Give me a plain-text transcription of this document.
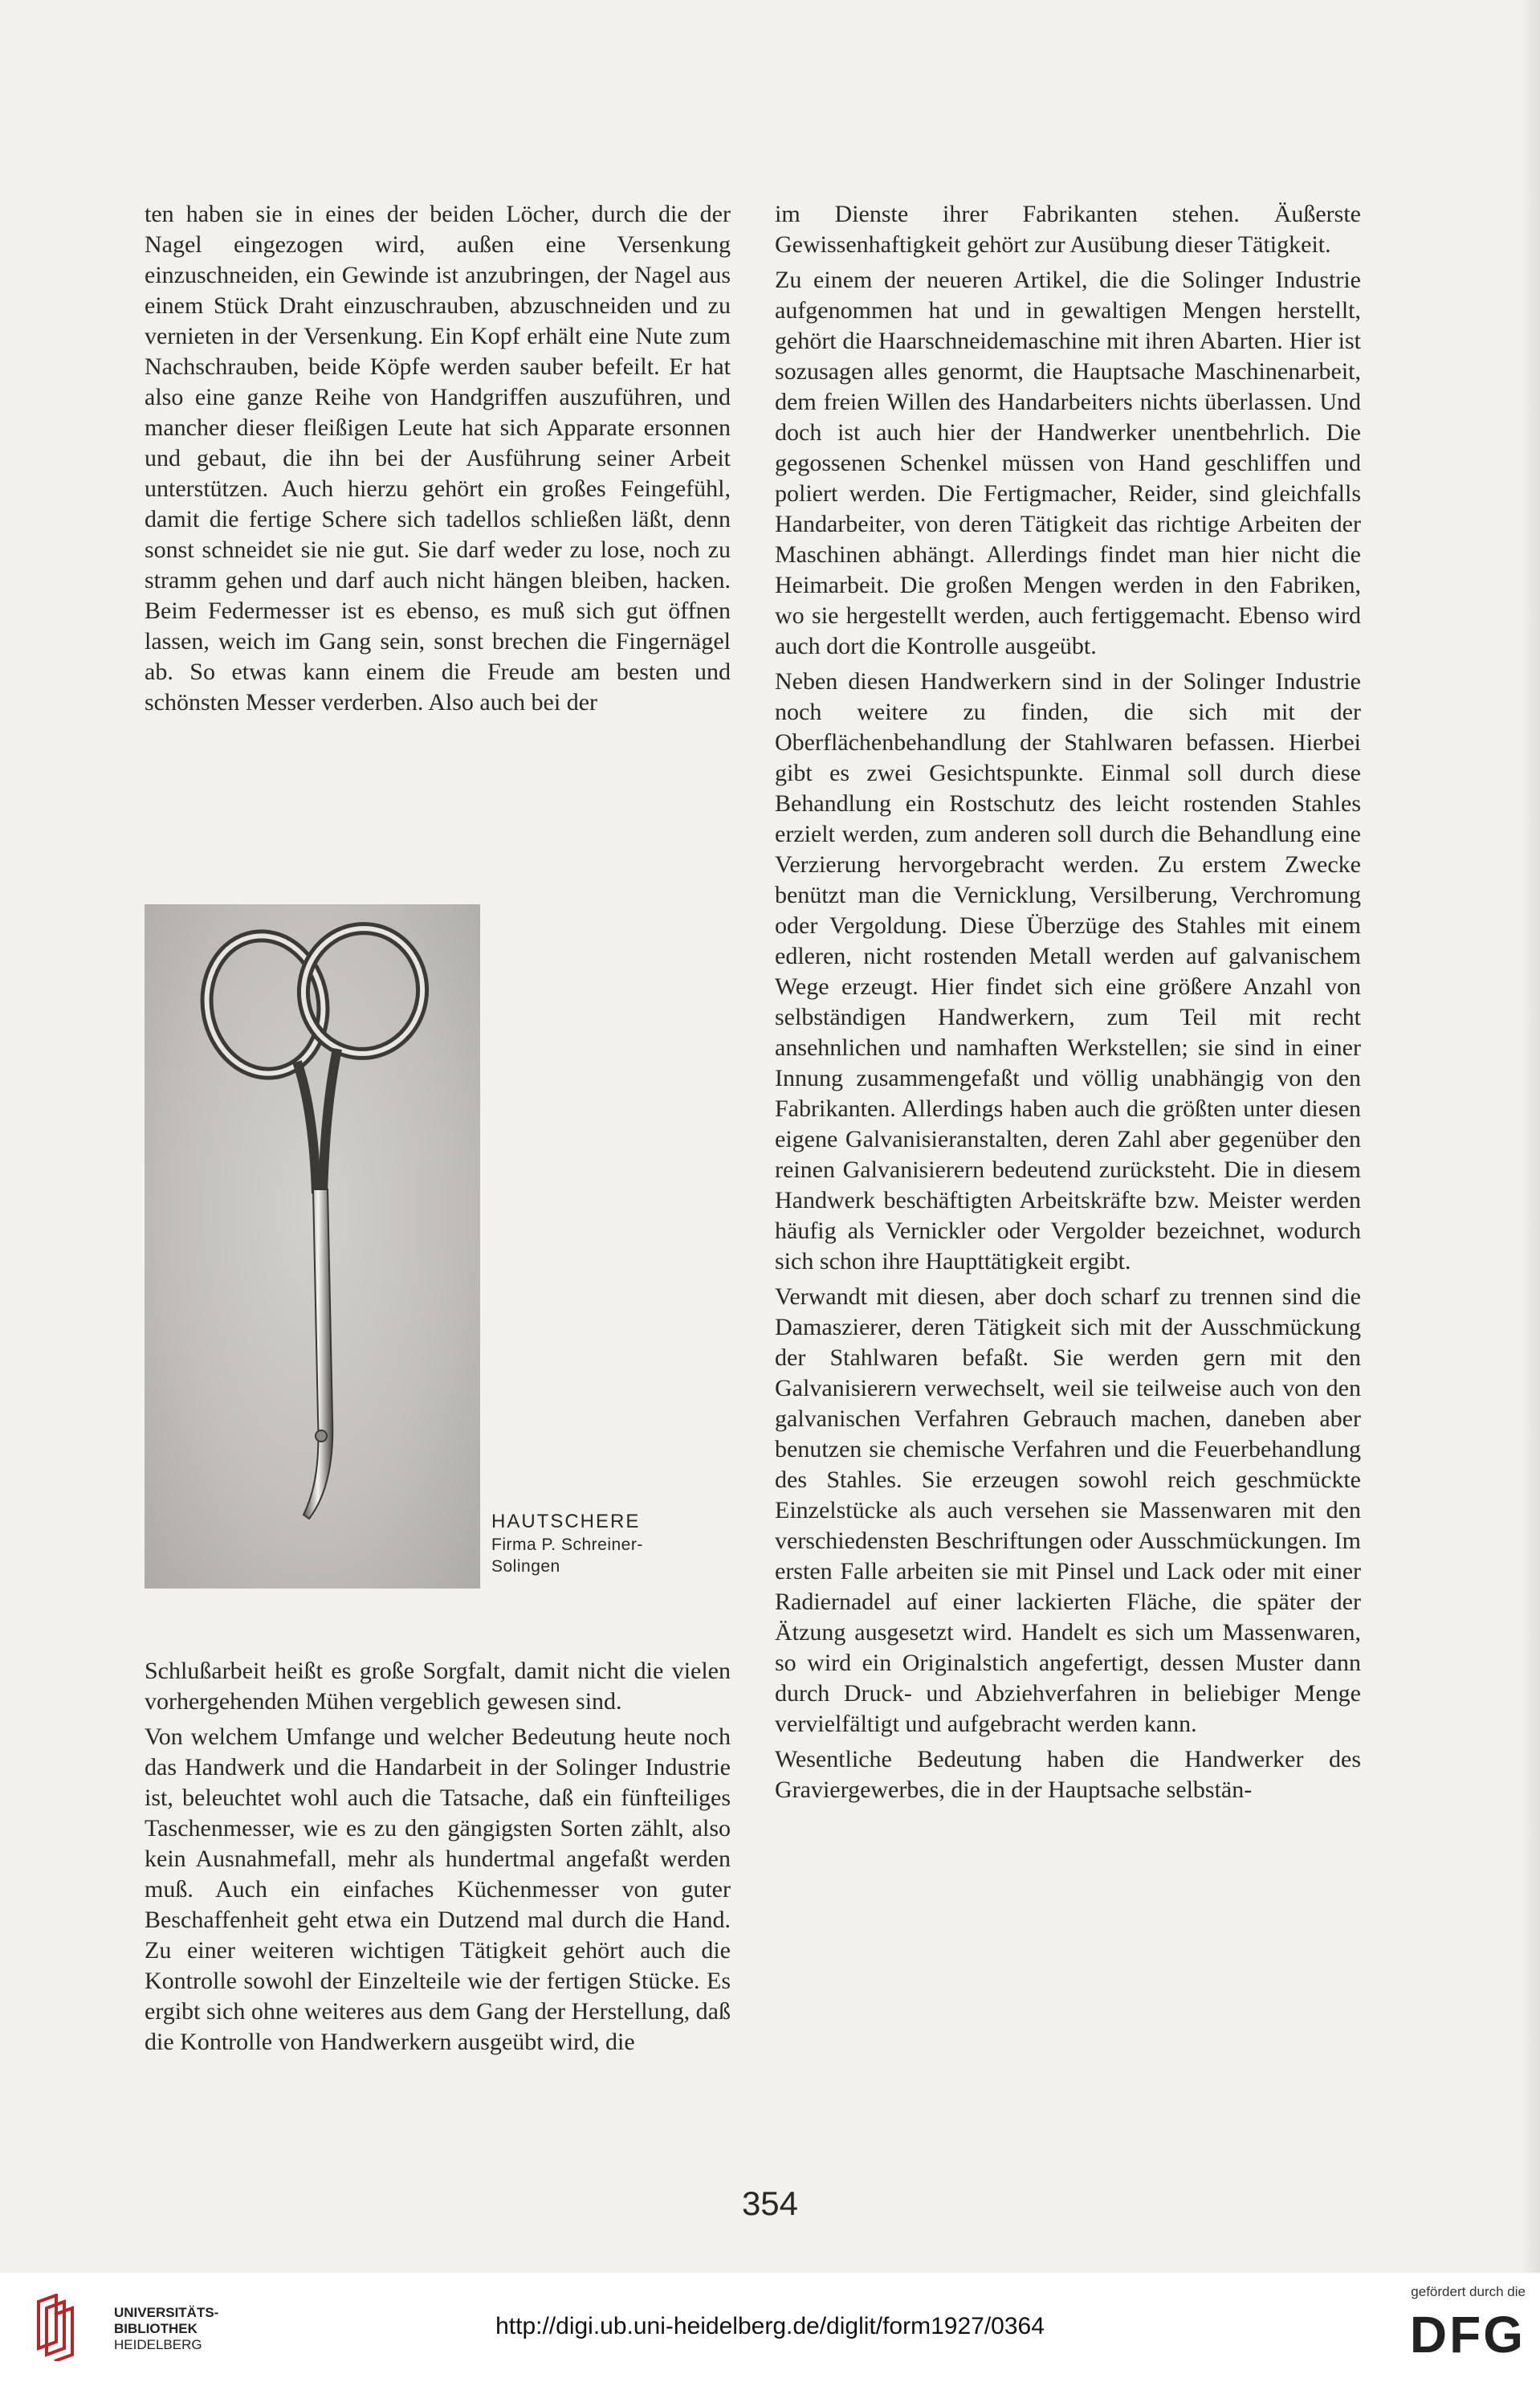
ten haben sie in eines der beiden Löcher, durch die der Nagel eingezogen wird, außen eine Versenkung einzuschneiden, ein Gewinde ist anzubringen, der Nagel aus einem Stück Draht einzuschrauben, abzuschneiden und zu vernieten in der Versenkung. Ein Kopf erhält eine Nute zum Nachschrauben, beide Köpfe werden sauber befeilt. Er hat also eine ganze Reihe von Handgriffen auszuführen, und mancher dieser fleißigen Leute hat sich Apparate ersonnen und gebaut, die ihn bei der Ausführung seiner Arbeit unterstützen. Auch hierzu gehört ein großes Feingefühl, damit die fertige Schere sich tadellos schließen läßt, denn sonst schneidet sie nie gut. Sie darf weder zu lose, noch zu stramm gehen und darf auch nicht hängen bleiben, hacken. Beim Federmesser ist es ebenso, es muß sich gut öffnen lassen, weich im Gang sein, sonst brechen die Fingernägel ab. So etwas kann einem die Freude am besten und schönsten Messer verderben. Also auch bei der

HAUTSCHERE
Firma P. Schreiner-
Solingen

Schlußarbeit heißt es große Sorgfalt, damit nicht die vielen vorhergehenden Mühen vergeblich gewesen sind.

Von welchem Umfange und welcher Bedeutung heute noch das Handwerk und die Handarbeit in der Solinger Industrie ist, beleuchtet wohl auch die Tatsache, daß ein fünfteiliges Taschenmesser, wie es zu den gängigsten Sorten zählt, also kein Ausnahmefall, mehr als hundertmal angefaßt werden muß. Auch ein einfaches Küchenmesser von guter Beschaffenheit geht etwa ein Dutzend mal durch die Hand. Zu einer weiteren wichtigen Tätigkeit gehört auch die Kontrolle sowohl der Einzelteile wie der fertigen Stücke. Es ergibt sich ohne weiteres aus dem Gang der Herstellung, daß die Kontrolle von Handwerkern ausgeübt wird, die

im Dienste ihrer Fabrikanten stehen. Äußerste Gewissenhaftigkeit gehört zur Ausübung dieser Tätigkeit.

Zu einem der neueren Artikel, die die Solinger Industrie aufgenommen hat und in gewaltigen Mengen herstellt, gehört die Haarschneidemaschine mit ihren Abarten. Hier ist sozusagen alles genormt, die Hauptsache Maschinenarbeit, dem freien Willen des Handarbeiters nichts überlassen. Und doch ist auch hier der Handwerker unentbehrlich. Die gegossenen Schenkel müssen von Hand geschliffen und poliert werden. Die Fertigmacher, Reider, sind gleichfalls Handarbeiter, von deren Tätigkeit das richtige Arbeiten der Maschinen abhängt. Allerdings findet man hier nicht die Heimarbeit. Die großen Mengen werden in den Fabriken, wo sie hergestellt werden, auch fertiggemacht. Ebenso wird auch dort die Kontrolle ausgeübt.

Neben diesen Handwerkern sind in der Solinger Industrie noch weitere zu finden, die sich mit der Oberflächenbehandlung der Stahlwaren befassen. Hierbei gibt es zwei Gesichtspunkte. Einmal soll durch diese Behandlung ein Rostschutz des leicht rostenden Stahles erzielt werden, zum anderen soll durch die Behandlung eine Verzierung hervorgebracht werden. Zu erstem Zwecke benützt man die Vernicklung, Versilberung, Verchromung oder Vergoldung. Diese Überzüge des Stahles mit einem edleren, nicht rostenden Metall werden auf galvanischem Wege erzeugt. Hier findet sich eine größere Anzahl von selbständigen Handwerkern, zum Teil mit recht ansehnlichen und namhaften Werkstellen; sie sind in einer Innung zusammengefaßt und völlig unabhängig von den Fabrikanten. Allerdings haben auch die größten unter diesen eigene Galvanisieranstalten, deren Zahl aber gegenüber den reinen Galvanisierern bedeutend zurücksteht. Die in diesem Handwerk beschäftigten Arbeitskräfte bzw. Meister werden häufig als Vernickler oder Vergolder bezeichnet, wodurch sich schon ihre Haupttätigkeit ergibt.

Verwandt mit diesen, aber doch scharf zu trennen sind die Damaszierer, deren Tätigkeit sich mit der Ausschmückung der Stahlwaren befaßt. Sie werden gern mit den Galvanisierern verwechselt, weil sie teilweise auch von den galvanischen Verfahren Gebrauch machen, daneben aber benutzen sie chemische Verfahren und die Feuerbehandlung des Stahles. Sie erzeugen sowohl reich geschmückte Einzelstücke als auch versehen sie Massenwaren mit den verschiedensten Beschriftungen oder Ausschmückungen. Im ersten Falle arbeiten sie mit Pinsel und Lack oder mit einer Radiernadel auf einer lackierten Fläche, die später der Ätzung ausgesetzt wird. Handelt es sich um Massenwaren, so wird ein Originalstich angefertigt, dessen Muster dann durch Druck- und Abziehverfahren in beliebiger Menge vervielfältigt und aufgebracht werden kann.

Wesentliche Bedeutung haben die Handwerker des Graviergewerbes, die in der Hauptsache selbstän-

354
UNIVERSITÄTS-
BIBLIOTHEK
HEIDELBERG
http://digi.ub.uni-heidelberg.de/diglit/form1927/0364
gefördert durch die
DFG
